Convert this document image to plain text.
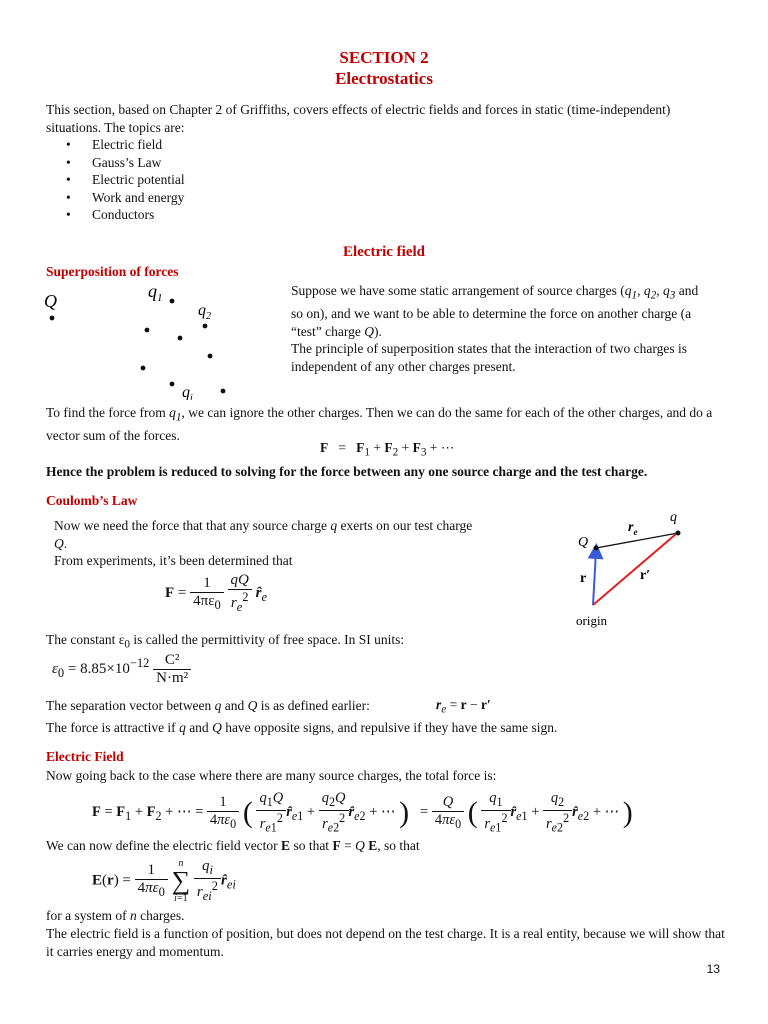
SECTION 2
Electrostatics
This section, based on Chapter 2 of Griffiths, covers effects of electric fields and forces in static (time-independent) situations. The topics are:
• Electric field
• Gauss’s Law
• Electric potential
• Work and energy
• Conductors
Electric field
Superposition of forces
Q	$q_1$
$q_2$
$q_i$
Suppose we have some static arrangement of source charges ($q_1$, $q_2$, $q_3$ and so on), and we want to be able to determine the force on another charge (a “test” charge Q).
The principle of superposition states that the interaction of two charges is independent of any other charges present.
To find the force from $q_1$, we can ignore the other charges. Then we can do the same for each of the other charges, and do a vector sum of the forces.
$F = F_1 + F_2 + F_3$ + ⋯
Hence the problem is reduced to solving for the force between any one source charge and the test charge.
Coulomb’s Law
Now we need the force that that any source charge q exerts on our test charge Q.
From experiments, it’s been determined that
$F = \frac{1}{4\pi\varepsilon_0}$
$\frac{qQ}{r_e^2}$ $r̂_e$
Q
q
$r_e$
r	r′
origin
The constant $\varepsilon_0$ is called the permittivity of free space. In SI units:
$\varepsilon_0 = 8.85\times 10^{-12} \frac{\text{C²}}{\text{N·m²}}$
The separation vector between q and Q is as defined earlier:	$r_e = r - r'$
The force is attractive if q and Q have opposite signs, and repulsive if they have the same sign.
Electric Field
Now going back to the case where there are many source charges, the total force is:
$F = F_1 + F_2$ + ⋯ = $\frac{1}{4\pi\varepsilon_0}$ ( $\frac{q_1Q}{r_{e1}^2}$ $r̂_{e1} + \frac{q_2Q}{r_{e2}^2}$ $r̂_{e2}$ + ⋯ )   = $\frac{Q}{4\pi\varepsilon_0}$ ( $\frac{q_1}{r_{e1}^2}$ $r̂_{e1} + \frac{q_2}{r_{e2}^2}$ $r̂_{e2}$ + ⋯ )
We can now define the electric field vector E so that F = Q E, so that
$E(r) = \frac{1}{4\pi\varepsilon_0}$
	n
∑
i=1
$\frac{q_i}{r_{ei}^2}$ $r̂_{ei}$
for a system of n charges.
The electric field is a function of position, but does not depend on the test charge. It is a real entity, because we will show that it carries energy and momentum.
13
